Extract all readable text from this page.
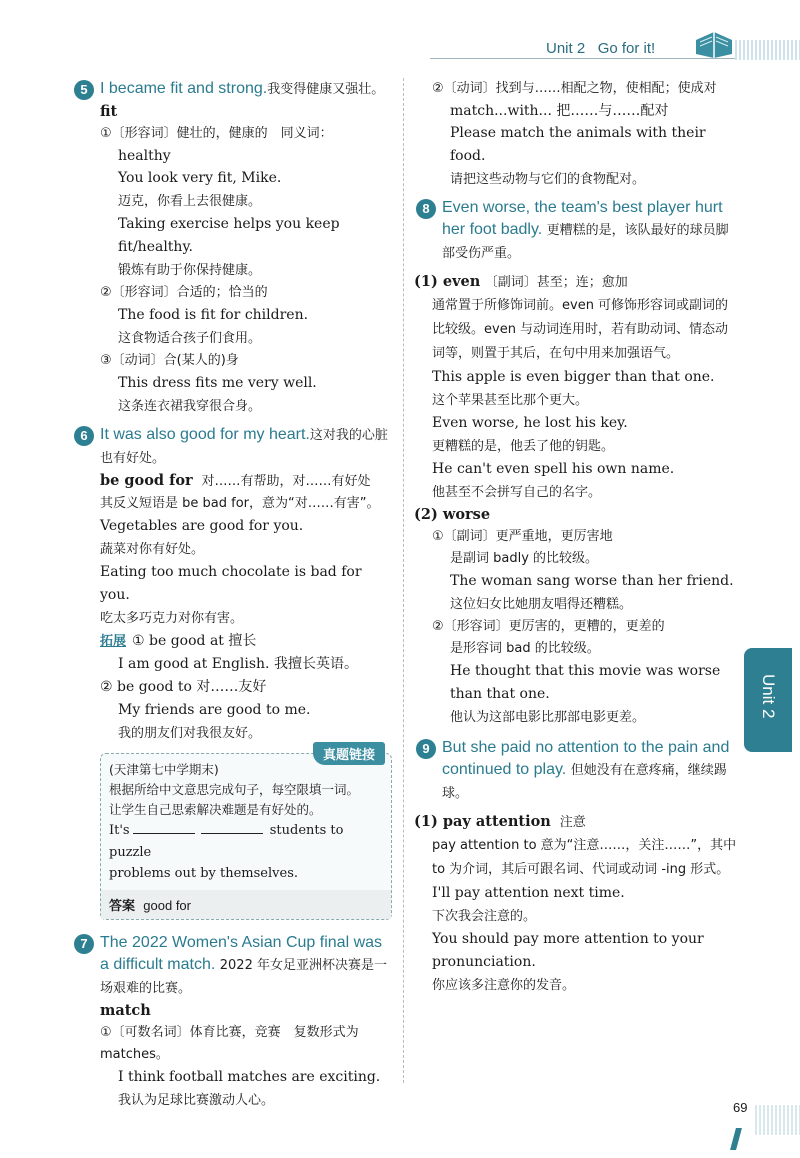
Unit 2 Go for it!
5 I became fit and strong.我变得健康又强壮。
fit
①〔形容词〕健壮的，健康的　同义词：
healthy
You look very fit, Mike.
迈克，你看上去很健康。
Taking exercise helps you keep fit/healthy.
锻炼有助于你保持健康。
②〔形容词〕合适的；恰当的
The food is fit for children.
这食物适合孩子们食用。
③〔动词〕合(某人的)身
This dress fits me very well.
这条连衣裙我穿很合身。
6 It was also good for my heart.这对我的心脏也有好处。
be good for 对……有帮助，对……有好处
其反义短语是 be bad for，意为“对……有害”。
Vegetables are good for you.
蔬菜对你有好处。
Eating too much chocolate is bad for you.
吃太多巧克力对你有害。
拓展 ① be good at 擅长
I am good at English. 我擅长英语。
② be good to 对……友好
My friends are good to me.
我的朋友们对我很友好。
真题链接
(天津第七中学期末)
根据所给中文意思完成句子，每空限填一词。
让学生自己思索解决难题是有好处的。
It's	students to puzzle
problems out by themselves.
答案 good for
7 The 2022 Women's Asian Cup final was a difficult match. 2022 年女足亚洲杯决赛是一场艰难的比赛。
match
①〔可数名词〕体育比赛，竞赛　复数形式为 matches。
I think football matches are exciting.
我认为足球比赛激动人心。
②〔动词〕找到与……相配之物，使相配；使成对
match...with... 把……与……配对
Please match the animals with their food.
请把这些动物与它们的食物配对。
8 Even worse, the team's best player hurt her foot badly. 更糟糕的是，该队最好的球员脚部受伤严重。
(1) even 〔副词〕甚至；连；愈加
通常置于所修饰词前。even 可修饰形容词或副词的比较级。even 与动词连用时，若有助动词、情态动词等，则置于其后，在句中用来加强语气。
This apple is even bigger than that one.
这个苹果甚至比那个更大。
Even worse, he lost his key.
更糟糕的是，他丢了他的钥匙。
He can't even spell his own name.
他甚至不会拼写自己的名字。
(2) worse
①〔副词〕更严重地，更厉害地
是副词 badly 的比较级。
The woman sang worse than her friend.
这位妇女比她朋友唱得还糟糕。
②〔形容词〕更厉害的，更糟的，更差的
是形容词 bad 的比较级。
He thought that this movie was worse than that one.
他认为这部电影比那部电影更差。
9 But she paid no attention to the pain and continued to play. 但她没有在意疼痛，继续踢球。
(1) pay attention 注意
pay attention to 意为“注意……，关注……”，其中 to 为介词，其后可跟名词、代词或动词 -ing 形式。
I'll pay attention next time.
下次我会注意的。
You should pay more attention to your pronunciation.
你应该多注意你的发音。
Unit 2
69
